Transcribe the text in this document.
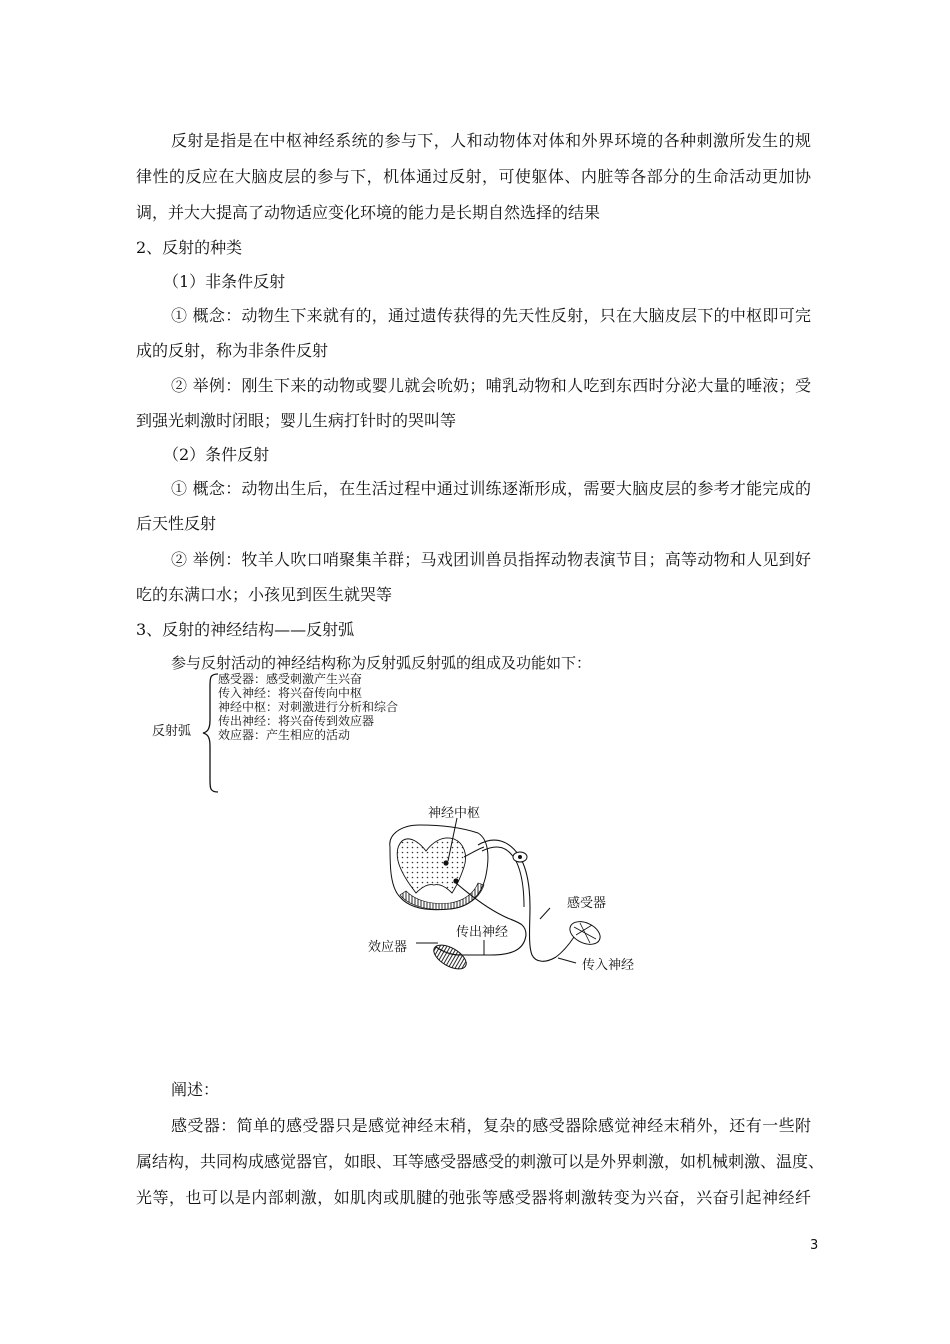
反射是指是在中枢神经系统的参与下，人和动物体对体和外界环境的各种刺激所发生的规
律性的反应在大脑皮层的参与下，机体通过反射，可使躯体、内脏等各部分的生命活动更加协
调，并大大提高了动物适应变化环境的能力是长期自然选择的结果
2、反射的种类
（1）非条件反射
① 概念：动物生下来就有的，通过遗传获得的先天性反射，只在大脑皮层下的中枢即可完
成的反射，称为非条件反射
② 举例：刚生下来的动物或婴儿就会吮奶；哺乳动物和人吃到东西时分泌大量的唾液；受
到强光刺激时闭眼；婴儿生病打针时的哭叫等
（2）条件反射
① 概念：动物出生后，在生活过程中通过训练逐渐形成，需要大脑皮层的参考才能完成的
后天性反射
② 举例：牧羊人吹口哨聚集羊群；马戏团训兽员指挥动物表演节目；高等动物和人见到好
吃的东满口水；小孩见到医生就哭等
3、反射的神经结构——反射弧
参与反射活动的神经结构称为反射弧反射弧的组成及功能如下：
反射弧
感受器：感受刺激产生兴奋
传入神经：将兴奋传向中枢
神经中枢：对刺激进行分析和综合
传出神经：将兴奋传到效应器
效应器：产生相应的活动
神经中枢
感受器
效应器
传出神经
传入神经
阐述：
感受器：简单的感受器只是感觉神经末稍，复杂的感受器除感觉神经末稍外，还有一些附
属结构，共同构成感觉器官，如眼、耳等感受器感受的刺激可以是外界刺激，如机械刺激、温度、
光等，也可以是内部刺激，如肌肉或肌腱的弛张等感受器将刺激转变为兴奋，兴奋引起神经纤
3
